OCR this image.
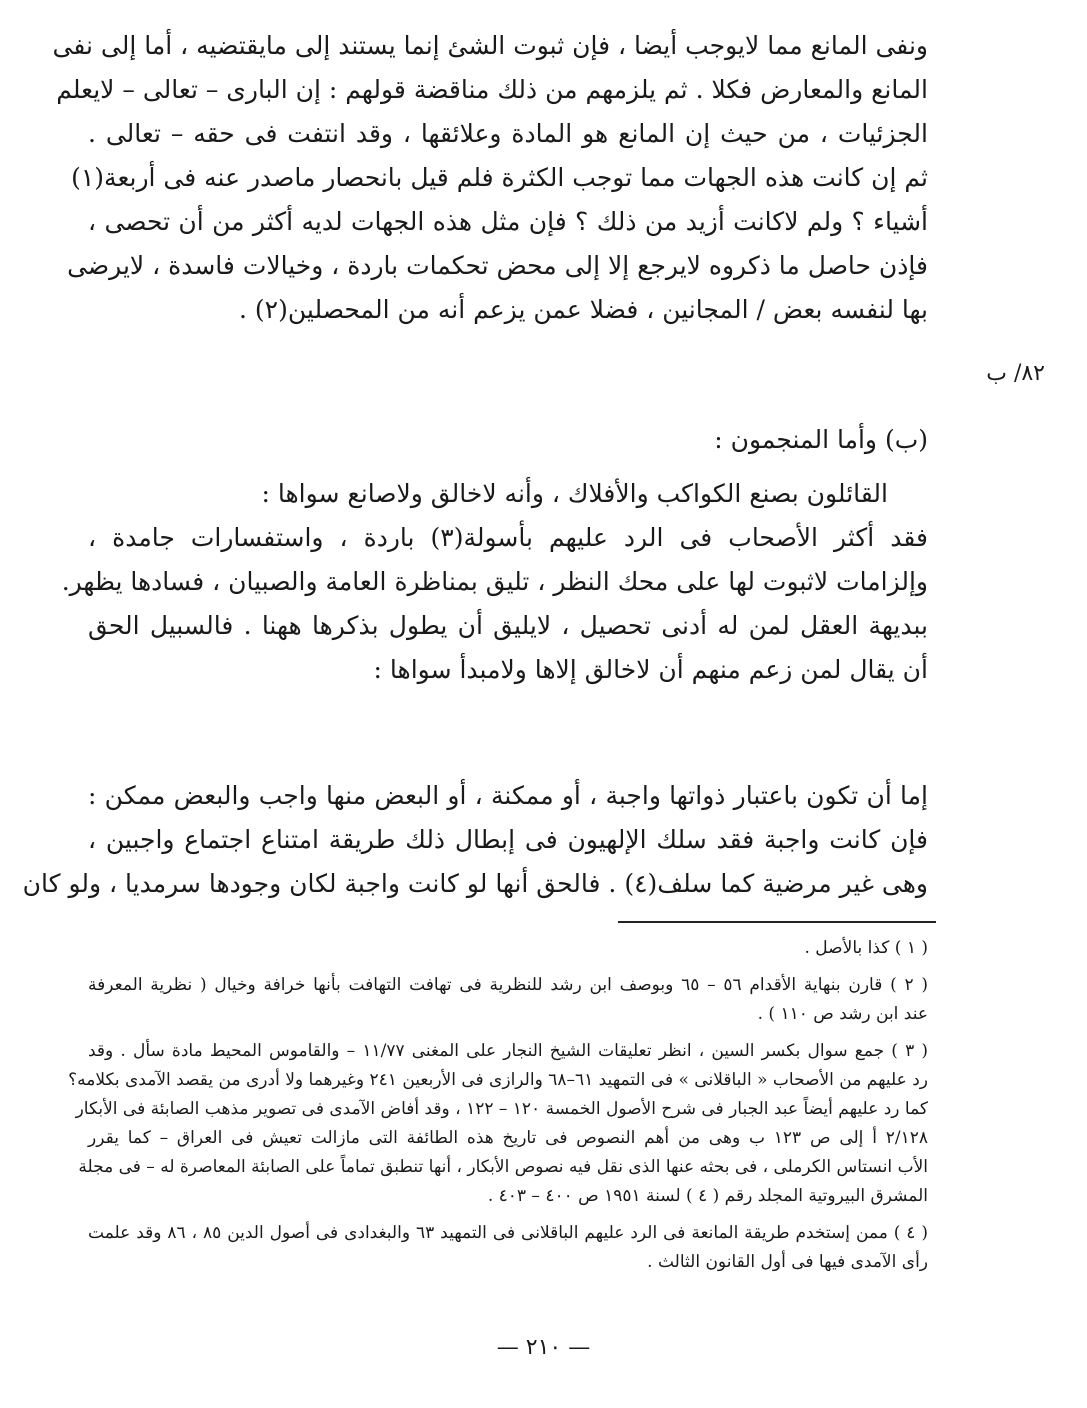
ونفى المانع مما لايوجب أيضا ، فإن ثبوت الشئ إنما يستند إلى مايقتضيه ، أما إلى نفى
المانع والمعارض فكلا . ثم يلزمهم من ذلك مناقضة قولهم : إن البارى – تعالى – لايعلم
الجزئيات ، من حيث إن المانع هو المادة وعلائقها ، وقد انتفت فى حقه – تعالى .
ثم إن كانت هذه الجهات مما توجب الكثرة فلم قيل بانحصار ماصدر عنه فى أربعة(١)
أشياء ؟ ولم لاكانت أزيد من ذلك ؟ فإن مثل هذه الجهات لديه أكثر من أن تحصى ،
فإذن حاصل ما ذكروه لايرجع إلا إلى محض تحكمات باردة ، وخيالات فاسدة ، لايرضى
بها لنفسه بعض / المجانين ، فضلا عمن يزعم أنه من المحصلين(٢) .
٨٢/ ب
(ب) وأما المنجمون :
القائلون بصنع الكواكب والأفلاك ، وأنه لاخالق ولاصانع سواها :
فقد أكثر الأصحاب فى الرد عليهم بأسولة(٣) باردة ، واستفسارات جامدة ،
وإلزامات لاثبوت لها على محك النظر ، تليق بمناظرة العامة والصبيان ، فسادها يظهر.
ببديهة العقل لمن له أدنى تحصيل ، لايليق أن يطول بذكرها ههنا . فالسبيل الحق
أن يقال لمن زعم منهم أن لاخالق إلاها ولامبدأ سواها :
إما أن تكون باعتبار ذواتها واجبة ، أو ممكنة ، أو البعض منها واجب والبعض ممكن :
فإن كانت واجبة فقد سلك الإلهيون فى إبطال ذلك طريقة امتناع اجتماع واجبين ،
وهى غير مرضية كما سلف(٤) . فالحق أنها لو كانت واجبة لكان وجودها سرمديا ، ولو كان
( ١ ) كذا بالأصل .
( ٢ ) قارن بنهاية الأقدام ٥٦ – ٦٥ وبوصف ابن رشد للنظرية فى تهافت التهافت بأنها خرافة وخيال ( نظرية المعرفة
عند ابن رشد ص ١١٠ ) .
( ٣ ) جمع سوال بكسر السين ، انظر تعليقات الشيخ النجار على المغنى ١١/٧٧ – والقاموس المحيط مادة سأل . وقد
رد عليهم من الأصحاب « الباقلانى » فى التمهيد ٦١–٦٨ والرازى فى الأربعين ٢٤١ وغيرهما ولا أدرى من يقصد الآمدى بكلامه؟
كما رد عليهم أيضاً عبد الجبار فى شرح الأصول الخمسة ١٢٠ – ١٢٢ ، وقد أفاض الآمدى فى تصوير مذهب الصابئة فى الأبكار
٢/١٢٨ أ إلى ص ١٢٣ ب وهى من أهم النصوص فى تاريخ هذه الطائفة التى مازالت تعيش فى العراق – كما يقرر
الأب انستاس الكرملى ، فى بحثه عنها الذى نقل فيه نصوص الأبكار ، أنها تنطبق تماماً على الصابئة المعاصرة له – فى مجلة
المشرق البيروتية المجلد رقم ( ٤ ) لسنة ١٩٥١ ص ٤٠٠ – ٤٠٣ .
( ٤ ) ممن إستخدم طريقة المانعة فى الرد عليهم الباقلانى فى التمهيد ٦٣ والبغدادى فى أصول الدين ٨٥ ، ٨٦ وقد علمت
رأى الآمدى فيها فى أول القانون الثالث .
— ٢١٠ —
